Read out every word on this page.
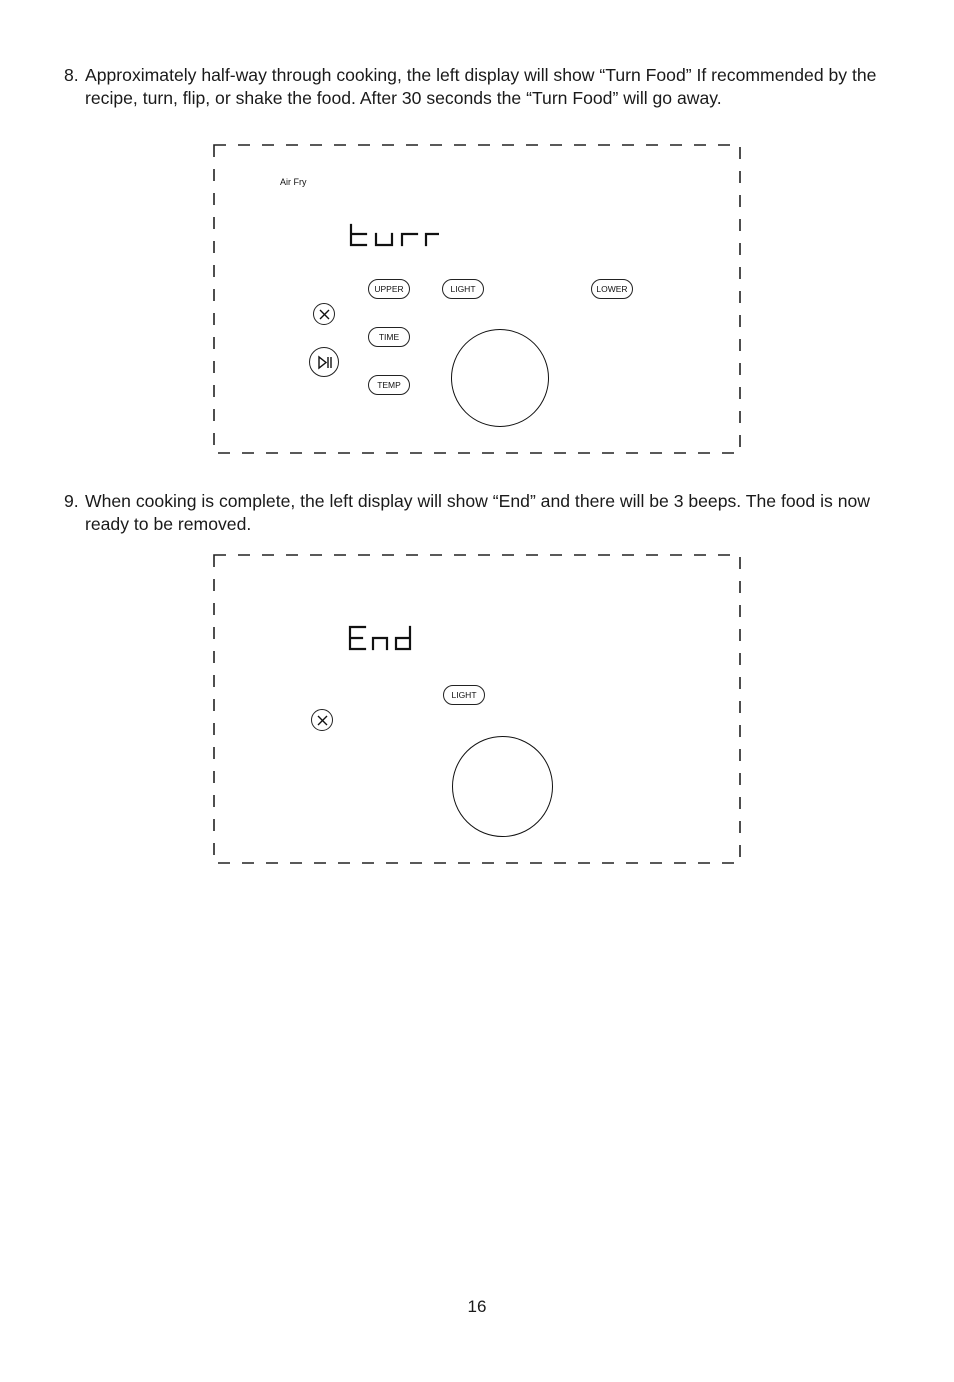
8. Approximately half-way through cooking, the left display will show “Turn Food” If recommended by the recipe, turn, flip, or shake the food. After 30 seconds the “Turn Food” will go away.
Air Fry
UPPER	LIGHT	LOWER
TIME
TEMP
9. When cooking is complete, the left display will show “End” and there will be 3 beeps. The food is now ready to be removed.
LIGHT
16
